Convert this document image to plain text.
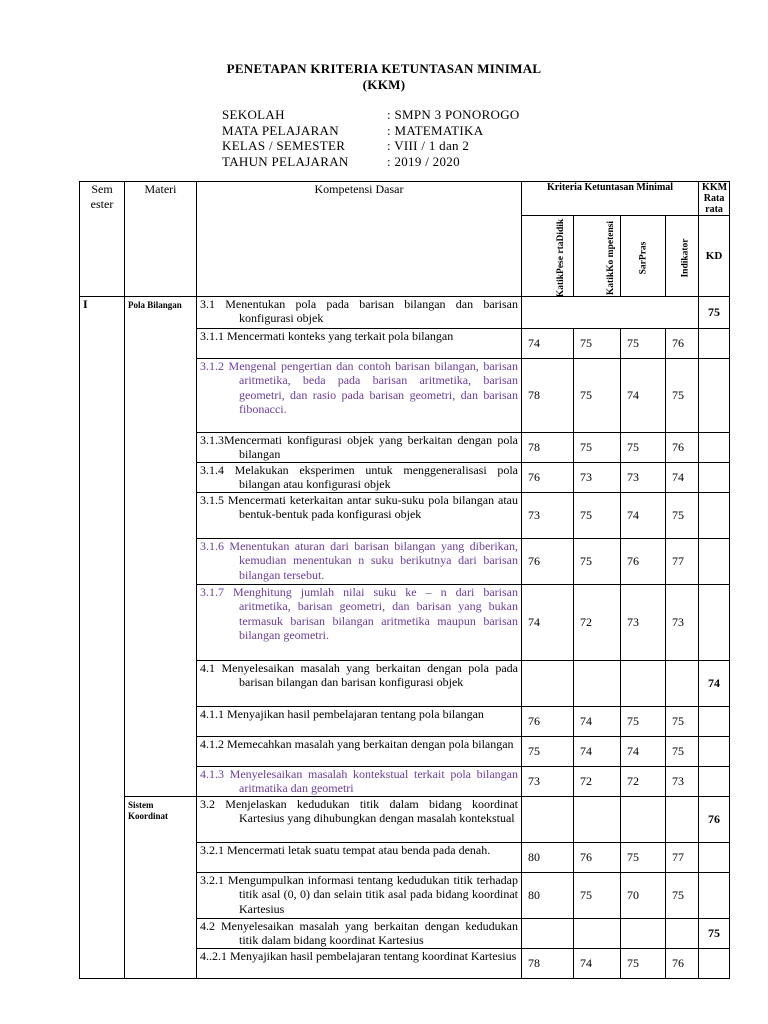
PENETAPAN KRITERIA KETUNTASAN MINIMAL
(KKM)
SEKOLAH	: SMPN 3 PONOROGO
MATA PELAJARAN	: MATEMATIKA
KELAS / SEMESTER	: VIII / 1 dan 2
TAHUN PELAJARAN	: 2019 / 2020
Sem ester	Materi	Kompetensi Dasar	Kriteria Ketuntasan Minimal				KKM Rata rata
			KatikPese rtaDidik	KatikKo mpetensi	SarPras	Indikator	KD
I	Pola Bilangan	3.1 Menentukan pola pada barisan bilangan dan barisan konfigurasi objek					75

		3.1.1 Mencermati konteks yang terkait pola bilangan	74	75	75	76	

		3.1.2 Mengenal pengertian dan contoh barisan bilangan, barisan aritmetika, beda pada barisan aritmetika, barisan geometri, dan rasio pada barisan geometri, dan barisan fibonacci.	78	75	74	75	

		3.1.3Mencermati konfigurasi objek yang berkaitan dengan pola bilangan	78	75	75	76	

		3.1.4 Melakukan eksperimen untuk menggeneralisasi pola bilangan atau konfigurasi objek	76	73	73	74	

		3.1.5 Mencermati keterkaitan antar suku-suku pola bilangan atau bentuk-bentuk pada konfigurasi objek	73	75	74	75	

		3.1.6 Menentukan aturan dari barisan bilangan yang diberikan, kemudian menentukan n suku berikutnya dari barisan bilangan tersebut.	76	75	76	77	

		3.1.7 Menghitung jumlah nilai suku ke – n dari barisan aritmetika, barisan geometri, dan barisan yang bukan termasuk barisan bilangan aritmetika maupun barisan bilangan geometri.	74	72	73	73	

		4.1 Menyelesaikan masalah yang berkaitan dengan pola pada barisan bilangan dan barisan konfigurasi objek					74

		4.1.1 Menyajikan hasil pembelajaran tentang pola bilangan	76	74	75	75	

		4.1.2 Memecahkan masalah yang berkaitan dengan pola bilangan	75	74	74	75	

		4.1.3 Menyelesaikan masalah kontekstual terkait pola bilangan aritmatika dan geometri	73	72	72	73	
	Sistem Koordinat	3.2 Menjelaskan kedudukan titik dalam bidang koordinat Kartesius yang dihubungkan dengan masalah kontekstual					76

		3.2.1 Mencermati letak suatu tempat atau benda pada denah.	80	76	75	77	

		3.2.1 Mengumpulkan informasi tentang kedudukan titik terhadap titik asal (0, 0) dan selain titik asal pada bidang koordinat Kartesius	80	75	70	75	

		4.2 Menyelesaikan masalah yang berkaitan dengan kedudukan titik dalam bidang koordinat Kartesius					75

		4..2.1 Menyajikan hasil pembelajaran tentang koordinat Kartesius	78	74	75	76	
